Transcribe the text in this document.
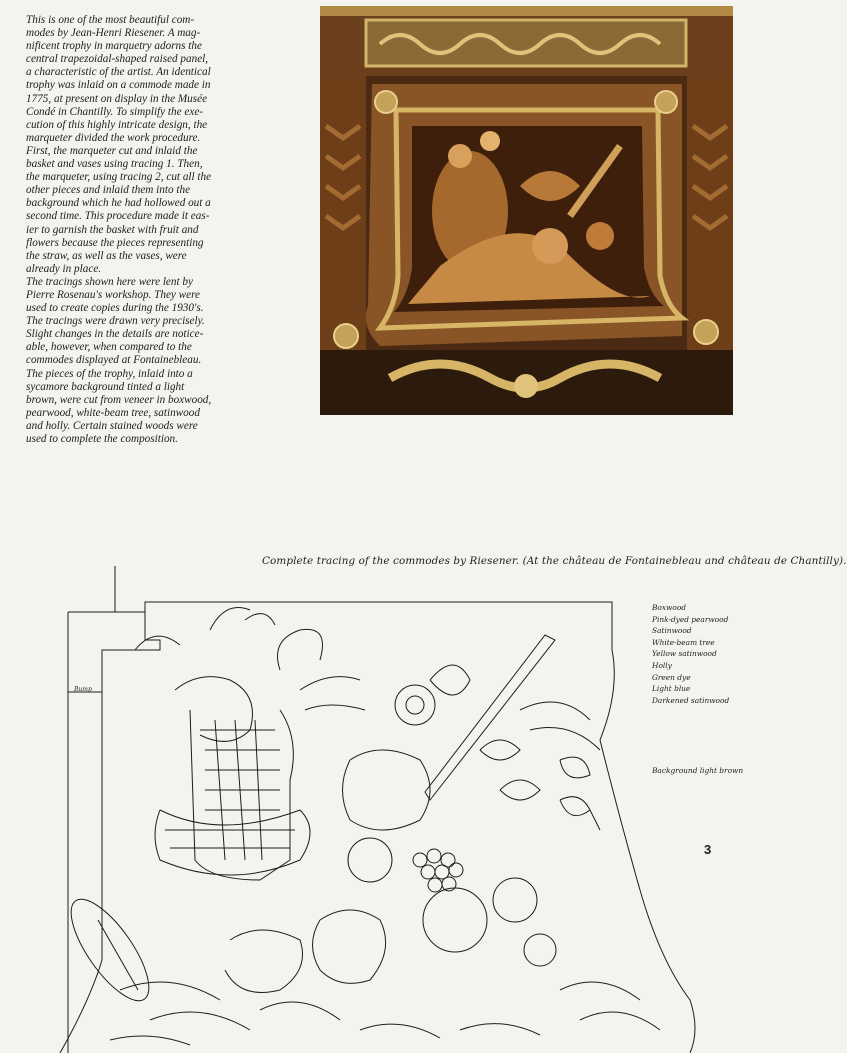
This is one of the most beautiful com-

modes by Jean-Henri Riesener. A mag-

nificent trophy in marquetry adorns the

central trapezoidal-shaped raised panel,

a characteristic of the artist. An identical

trophy was inlaid on a commode made in

1775, at present on display in the Musée

Condé in Chantilly. To simplify the exe-

cution of this highly intricate design, the

marqueter divided the work procedure.

First, the marqueter cut and inlaid the

basket and vases using tracing 1. Then,

the marqueter, using tracing 2, cut all the

other pieces and inlaid them into the

background which he had hollowed out a

second time. This procedure made it eas-

ier to garnish the basket with fruit and

flowers because the pieces representing

the straw, as well as the vases, were

already in place.

The tracings shown here were lent by

Pierre Rosenau's workshop. They were

used to create copies during the 1930's.

The tracings were drawn very precisely.

Slight changes in the details are notice-

able, however, when compared to the

commodes displayed at Fontainebleau.

The pieces of the trophy, inlaid into a

sycamore background tinted a light

brown, were cut from veneer in boxwood,

pearwood, white-beam tree, satinwood

and holly. Certain stained woods were

used to complete the composition.

Complete tracing of the commodes by Riesener. (At the château de Fontainebleau and château de Chantilly).
Boxwood
Pink-dyed pearwood
Satinwood
White-beam tree
Yellow satinwood
Holly
Green dye
Light blue
Darkened satinwood
Background light brown
3
Bump
